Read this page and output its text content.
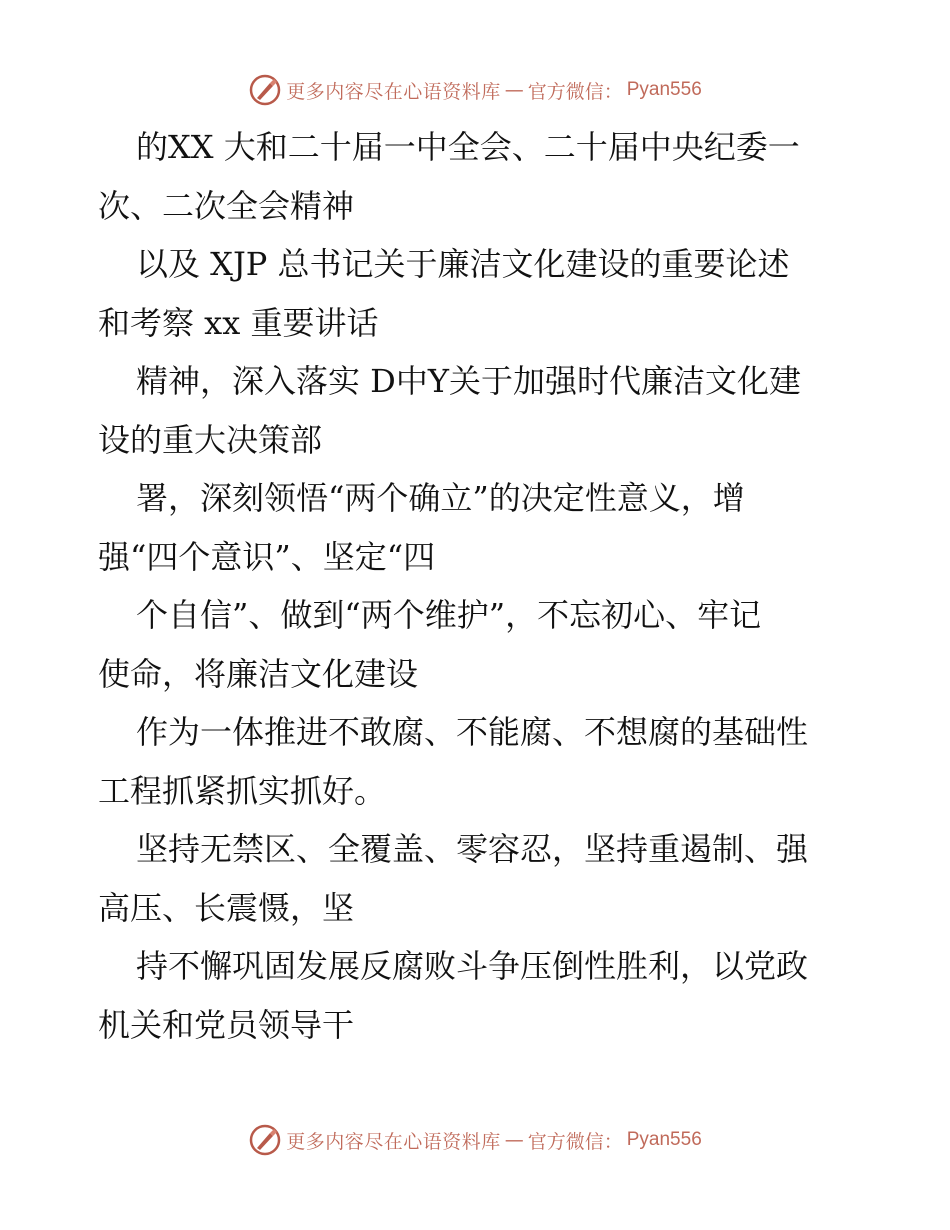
更多内容尽在心语资料库 — 官方微信： Pyan556

的XX 大和二十届一中全会、二十届中央纪委一
次、二次全会精神

以及 XJP 总书记关于廉洁文化建设的重要论述
和考察 xx 重要讲话

精神，深入落实 D中Y关于加强时代廉洁文化建
设的重大决策部

署，深刻领悟“两个确立”的决定性意义，增
强“四个意识”、坚定“四

个自信”、做到“两个维护”，不忘初心、牢记
使命，将廉洁文化建设

作为一体推进不敢腐、不能腐、不想腐的基础性
工程抓紧抓实抓好。

坚持无禁区、全覆盖、零容忍，坚持重遏制、强
高压、长震慑，坚

持不懈巩固发展反腐败斗争压倒性胜利，以党政
机关和党员领导干

更多内容尽在心语资料库 — 官方微信： Pyan556
